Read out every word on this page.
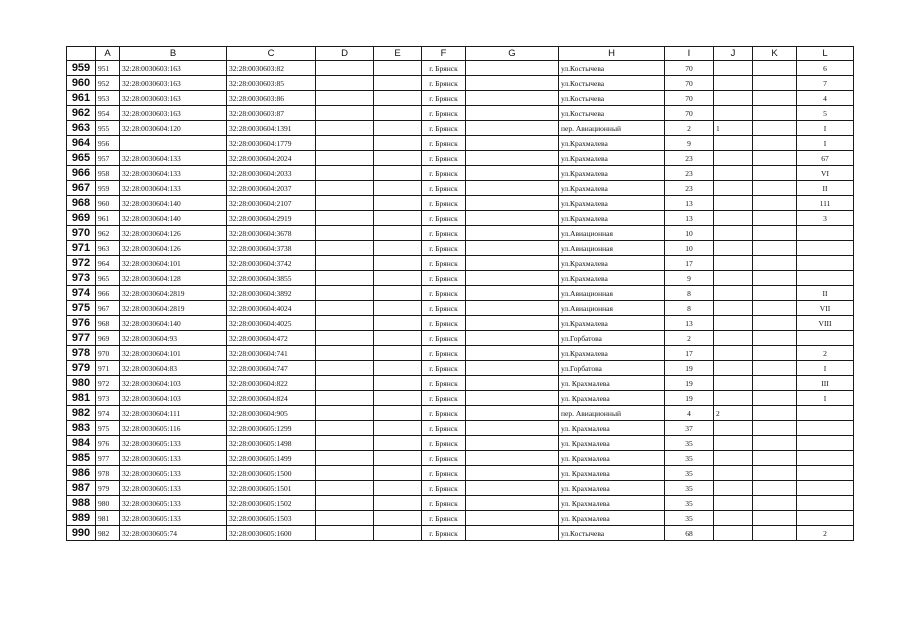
	A	B	C	D	E	F	G	H	I	J	K	L
959	951	32:28:0030603:163	32:28:0030603:82			г. Брянск		ул.Костычева	70			6
960	952	32:28:0030603:163	32:28:0030603:85			г. Брянск		ул.Костычева	70			7
961	953	32:28:0030603:163	32:28:0030603:86			г. Брянск		ул.Костычева	70			4
962	954	32:28:0030603:163	32:28:0030603:87			г. Брянск		ул.Костычева	70			5
963	955	32:28:0030604:120	32:28:0030604:1391			г. Брянск		пер. Авиационный	2	1		I
964	956		32:28:0030604:1779			г. Брянск		ул.Крахмалева	9			I
965	957	32:28:0030604:133	32:28:0030604:2024			г. Брянск		ул.Крахмалева	23			67
966	958	32:28:0030604:133	32:28:0030604:2033			г. Брянск		ул.Крахмалева	23			VI
967	959	32:28:0030604:133	32:28:0030604:2037			г. Брянск		ул.Крахмалева	23			II
968	960	32:28:0030604:140	32:28:0030604:2107			г. Брянск		ул.Крахмалева	13			111
969	961	32:28:0030604:140	32:28:0030604:2919			г. Брянск		ул.Крахмалева	13			3
970	962	32:28:0030604:126	32:28:0030604:3678			г. Брянск		ул.Авиационная	10			
971	963	32:28:0030604:126	32:28:0030604:3738			г. Брянск		ул.Авиационная	10			
972	964	32:28:0030604:101	32:28:0030604:3742			г. Брянск		ул.Крахмалева	17			
973	965	32:28:0030604:128	32:28:0030604:3855			г. Брянск		ул.Крахмалева	9			
974	966	32:28:0030604:2819	32:28:0030604:3892			г. Брянск		ул.Авиационная	8			II
975	967	32:28:0030604:2819	32:28:0030604:4024			г. Брянск		ул.Авиационная	8			VII
976	968	32:28:0030604:140	32:28:0030604:4025			г. Брянск		ул.Крахмалева	13			VIII
977	969	32:28:0030604:93	32:28:0030604:472			г. Брянск		ул.Горбатова	2			
978	970	32:28:0030604:101	32:28:0030604:741			г. Брянск		ул.Крахмалева	17			2
979	971	32:28:0030604:83	32:28:0030604:747			г. Брянск		ул.Горбатова	19			I
980	972	32:28:0030604:103	32:28:0030604:822			г. Брянск		ул. Крахмалева	19			III
981	973	32:28:0030604:103	32:28:0030604:824			г. Брянск		ул. Крахмалева	19			I
982	974	32:28:0030604:111	32:28:0030604:905			г. Брянск		пер. Авиационный	4	2		
983	975	32:28:0030605:116	32:28:0030605:1299			г. Брянск		ул. Крахмалева	37			
984	976	32:28:0030605:133	32:28:0030605:1498			г. Брянск		ул. Крахмалева	35			
985	977	32:28:0030605:133	32:28:0030605:1499			г. Брянск		ул. Крахмалева	35			
986	978	32:28:0030605:133	32:28:0030605:1500			г. Брянск		ул. Крахмалева	35			
987	979	32:28:0030605:133	32:28:0030605:1501			г. Брянск		ул. Крахмалева	35			
988	980	32:28:0030605:133	32:28:0030605:1502			г. Брянск		ул. Крахмалева	35			
989	981	32:28:0030605:133	32:28:0030605:1503			г. Брянск		ул. Крахмалева	35			
990	982	32:28:0030605:74	32:28:0030605:1600			г. Брянск		ул.Костычева	68			2
